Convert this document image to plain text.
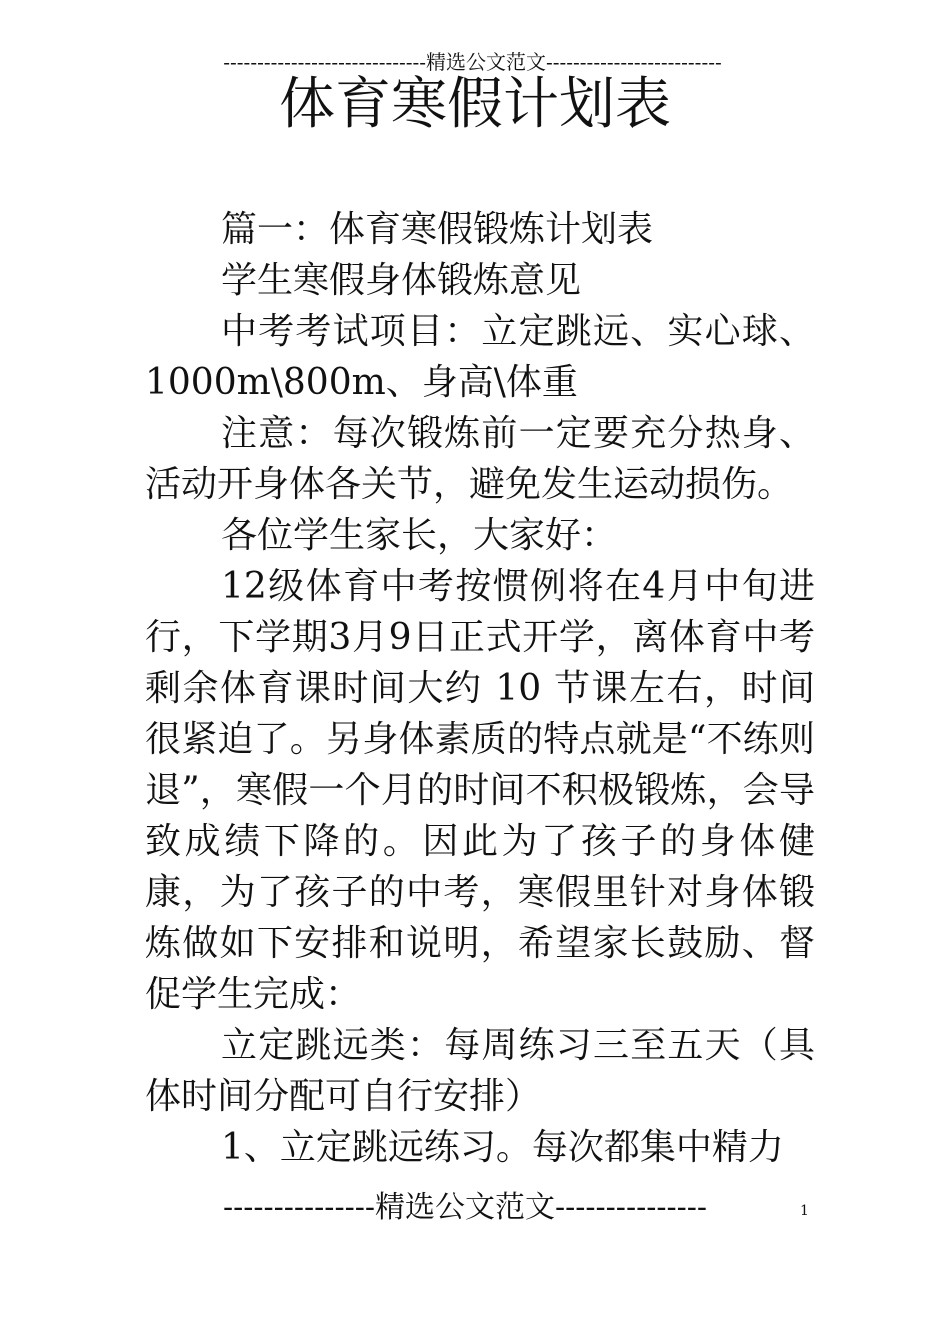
------------------------------精选公文范文--------------------------
体育寒假计划表

篇一：体育寒假锻炼计划表

学生寒假身体锻炼意见

中考考试项目：立定跳远、实心球、1000m\800m、身高\体重

注意：每次锻炼前一定要充分热身、活动开身体各关节，避免发生运动损伤。

各位学生家长，大家好：

12级体育中考按惯例将在4月中旬进行，下学期3月9日正式开学，离体育中考剩余体育课时间大约 10 节课左右，时间很紧迫了。另身体素质的特点就是“不练则退”，寒假一个月的时间不积极锻炼，会导致成绩下降的。因此为了孩子的身体健康，为了孩子的中考，寒假里针对身体锻炼做如下安排和说明，希望家长鼓励、督促学生完成：

立定跳远类：每周练习三至五天（具体时间分配可自行安排）

1、立定跳远练习。每次都集中精力

---------------精选公文范文---------------	1
